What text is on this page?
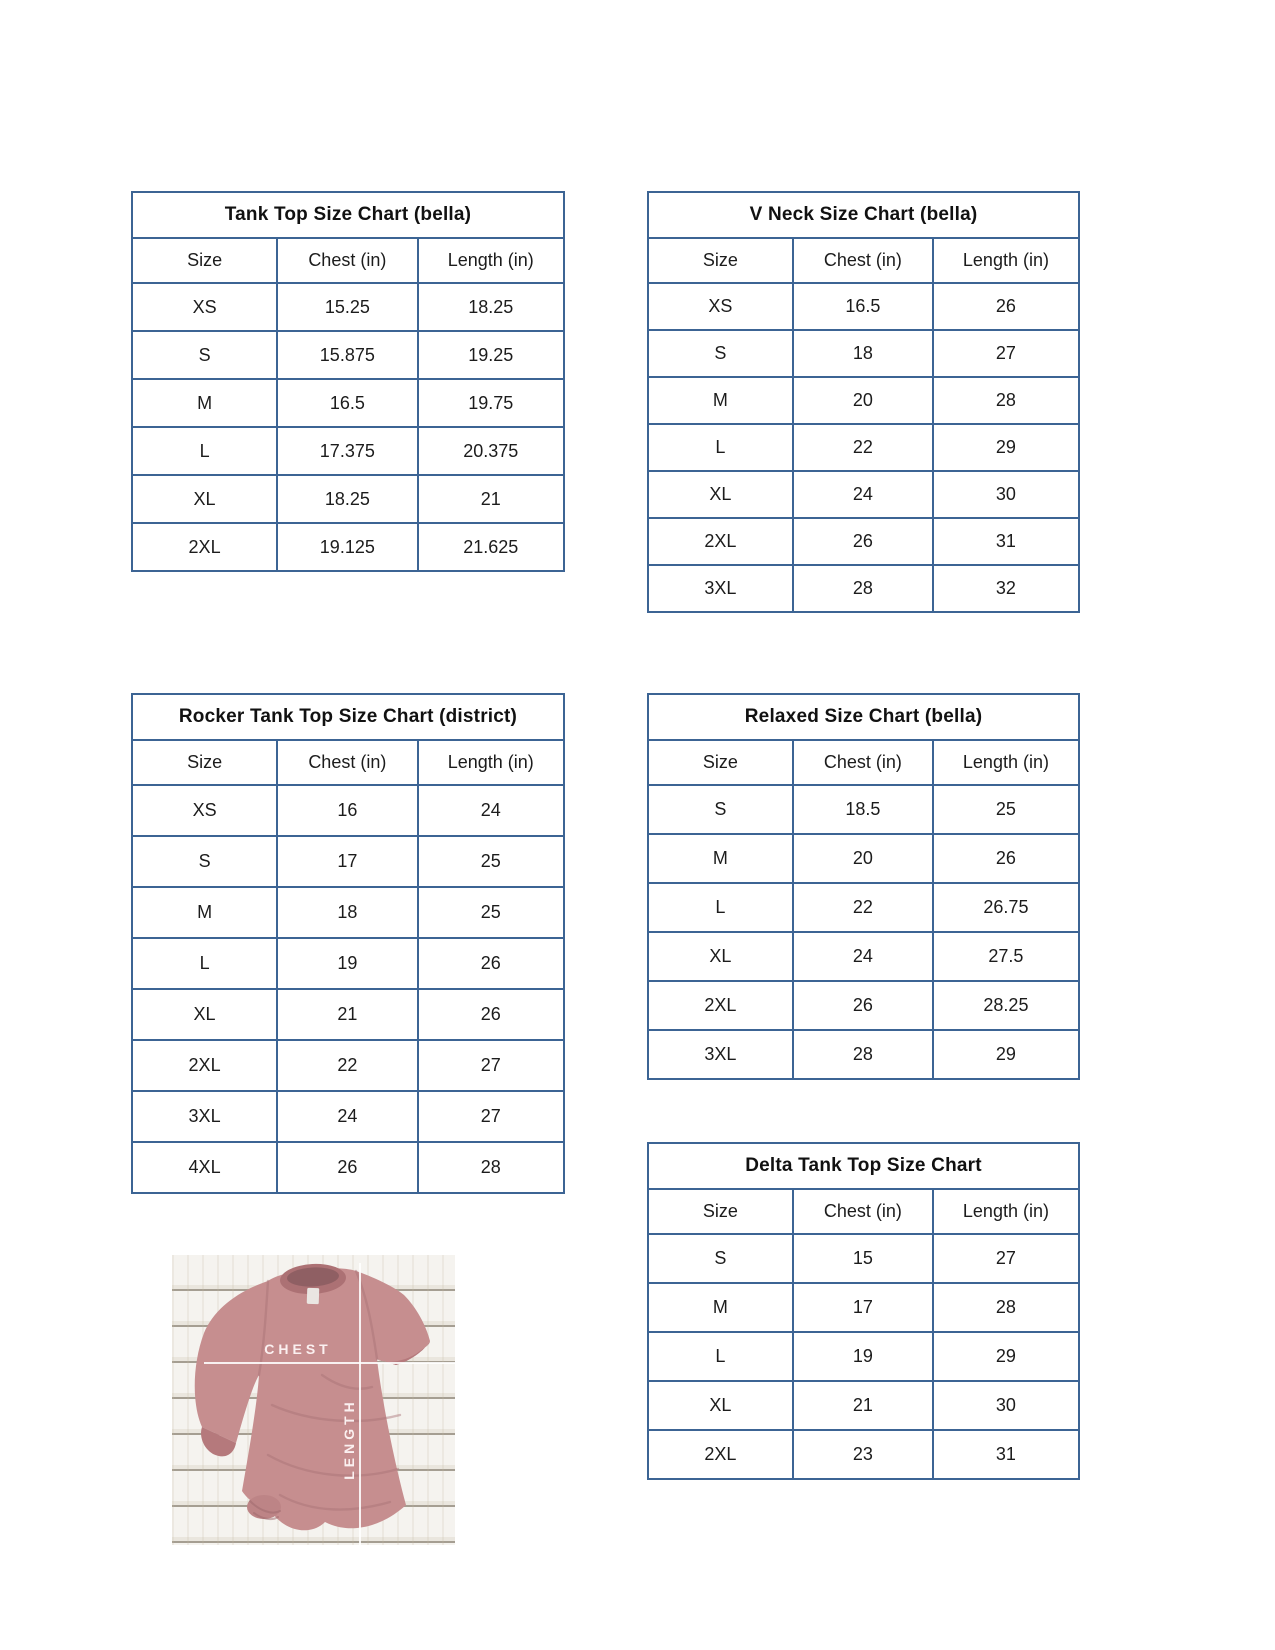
Tank Top Size Chart (bella)		
Size	Chest (in)	Length (in)
XS	15.25	18.25
S	15.875	19.25
M	16.5	19.75
L	17.375	20.375
XL	18.25	21
2XL	19.125	21.625
V Neck Size Chart (bella)		
Size	Chest (in)	Length (in)
XS	16.5	26
S	18	27
M	20	28
L	22	29
XL	24	30
2XL	26	31
3XL	28	32
Rocker Tank Top Size Chart (district)		
Size	Chest (in)	Length (in)
XS	16	24
S	17	25
M	18	25
L	19	26
XL	21	26
2XL	22	27
3XL	24	27
4XL	26	28
Relaxed Size Chart (bella)		
Size	Chest (in)	Length (in)
S	18.5	25
M	20	26
L	22	26.75
XL	24	27.5
2XL	26	28.25
3XL	28	29
Delta Tank Top Size Chart		
Size	Chest (in)	Length (in)
S	15	27
M	17	28
L	19	29
XL	21	30
2XL	23	31
CHEST
LENGTH
